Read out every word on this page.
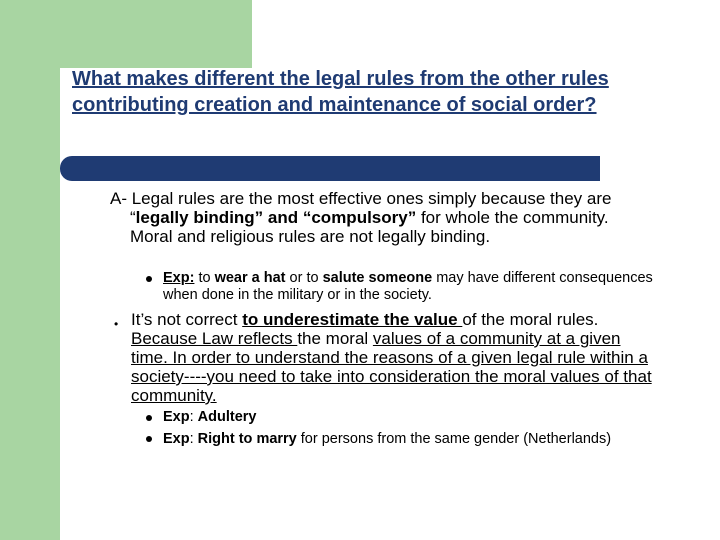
What makes different the legal rules from the other rules contributing creation and maintenance of social order?

A- Legal rules are the most effective ones simply because they are “legally binding” and “compulsory” for whole the community. Moral and religious rules are not legally binding.

Exp: to wear a hat or to salute someone may have different consequences when done in the military or in the society.

• It’s not correct to underestimate the value of the moral rules. Because Law reflects the moral values of a community at a given time. In order to understand the reasons of a given legal rule within a society----you need to take into consideration the moral values of that community.

Exp: Adultery

Exp: Right to marry for persons from the same gender (Netherlands)
